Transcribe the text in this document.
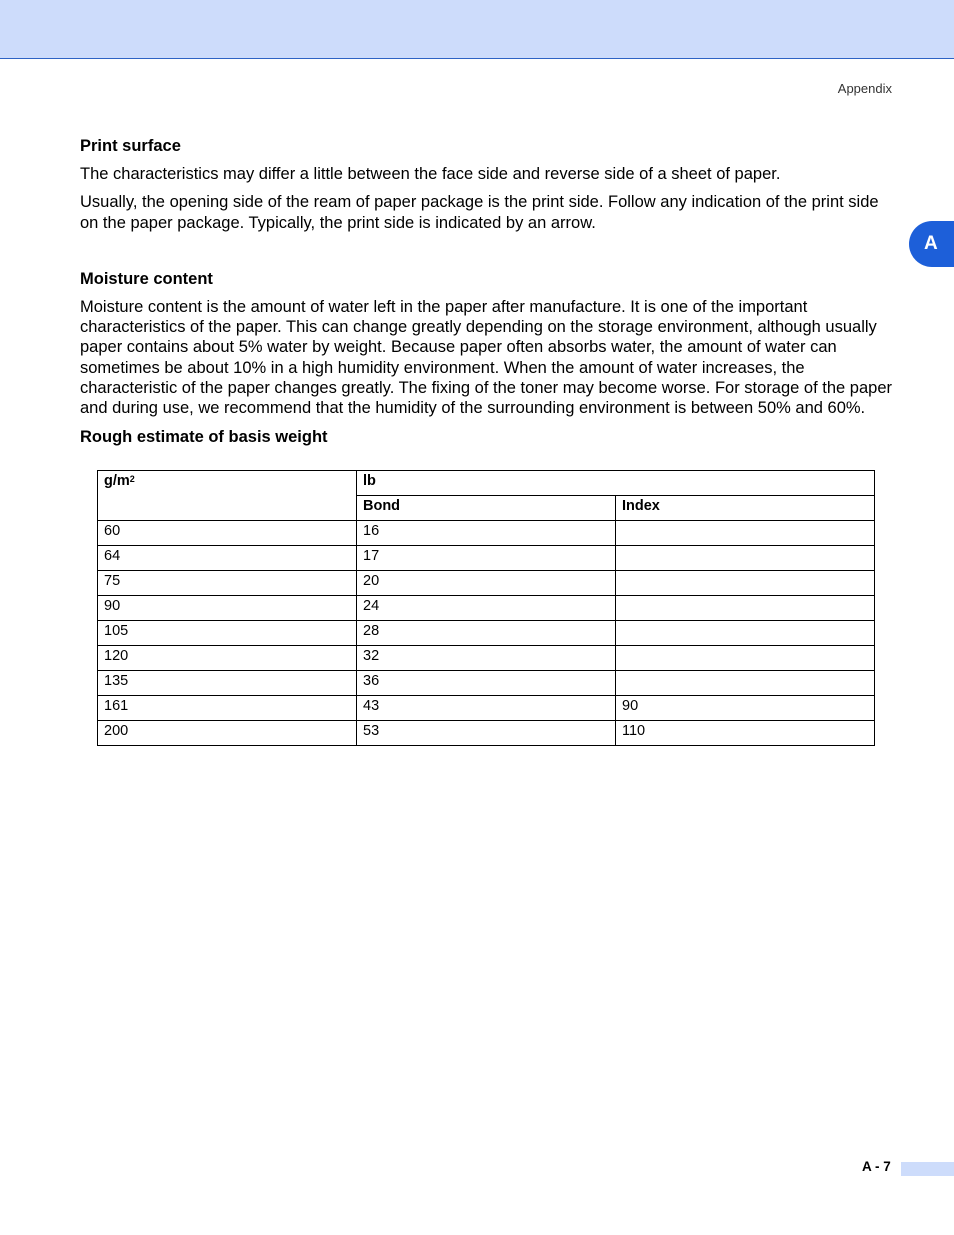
Appendix
A
Print surface

The characteristics may differ a little between the face side and reverse side of a sheet of paper.

Usually, the opening side of the ream of paper package is the print side. Follow any indication of the print side on the paper package. Typically, the print side is indicated by an arrow.

Moisture content

Moisture content is the amount of water left in the paper after manufacture. It is one of the important characteristics of the paper. This can change greatly depending on the storage environment, although usually paper contains about 5% water by weight. Because paper often absorbs water, the amount of water can sometimes be about 10% in a high humidity environment. When the amount of water increases, the characteristic of the paper changes greatly. The fixing of the toner may become worse. For storage of the paper and during use, we recommend that the humidity of the surrounding environment is between 50% and 60%.

Rough estimate of basis weight
$g/m^2$	lb	
	Bond	Index
60	16	
64	17	
75	20	
90	24	
105	28	
120	32	
135	36	
161	43	90
200	53	110
A - 7
